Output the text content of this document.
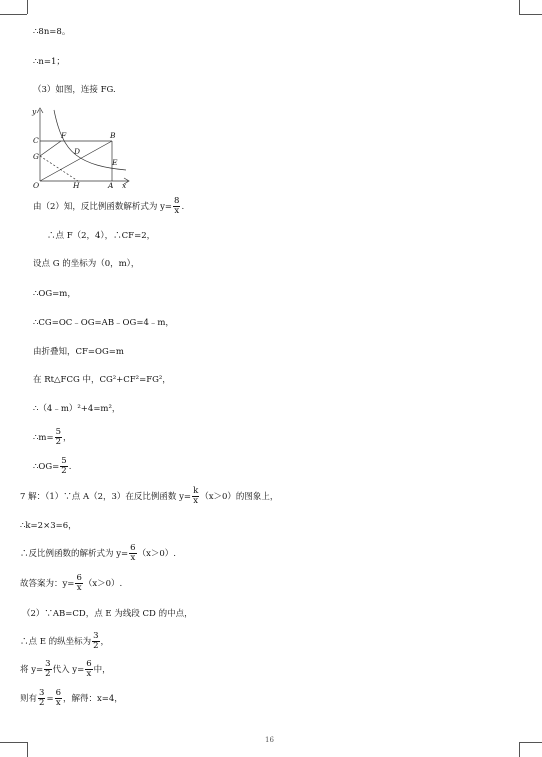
∴8n=8。
∴n=1；
（3）如图，连接 FG.
y
x
O
C
G
F	B
D
E
H	A
由（2）知，反比例函数解析式为 $y= \frac{8}{x}$ .
∴点 F（2，4），∴CF=2，
设点 G 的坐标为（0，m），
∴OG=m，
∴CG=OC﹣OG=AB﹣OG=4﹣m，
由折叠知，CF=OG=m
在 Rt△FCG 中，CG²+CF²=FG²，
∴（4﹣m）²+4=m²，
∴m= $\frac{5}{2}$ ，
∴OG= $\frac{5}{2}$ .
7 解：（1）∵点 A（2，3）在反比例函数 $y= \frac{k}{x} (x>0)$的图象上，
∴k=2×3=6，
∴反比例函数的解析式为 $y= \frac{6}{x} (x>0)$.
故答案为：$y= \frac{6}{x} (x>0)$.
（2）∵AB=CD，点 E 为线段 CD 的中点，
∴点 E 的纵坐标为 $\frac{3}{2}$ ，
将 $y= \frac{3}{2}$ 代入 $y= \frac{6}{x}$ 中，
则有 $\frac{3}{2} = \frac{6}{x}$ ，解得：x=4，
16
